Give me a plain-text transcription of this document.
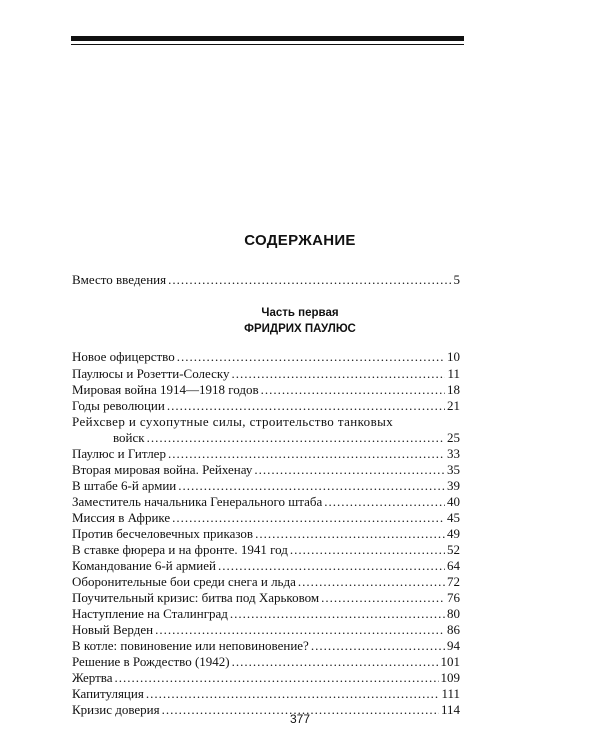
СОДЕРЖАНИЕ
Вместо введения .....	5
Часть первая
ФРИДРИХ ПАУЛЮС
Новое офицерство .....	10
Паулюсы и Розетти-Солеску .....	11
Мировая война 1914—1918 годов .....	18
Годы революции .....	21
Рейхсвер и сухопутные силы, строительство танковых
войск .....	25
Паулюс и Гитлер .....	33
Вторая мировая война. Рейхенау .....	35
В штабе 6-й армии .....	39
Заместитель начальника Генерального штаба .....	40
Миссия в Африке .....	45
Против бесчеловечных приказов .....	49
В ставке фюрера и на фронте. 1941 год .....	52
Командование 6-й армией .....	64
Оборонительные бои среди снега и льда .....	72
Поучительный кризис: битва под Харьковом .....	76
Наступление на Сталинград .....	80
Новый Верден .....	86
В котле: повиновение или неповиновение? .....	94
Решение в Рождество (1942) .....	101
Жертва .....	109
Капитуляция .....	111
Кризис доверия .....	114
377
